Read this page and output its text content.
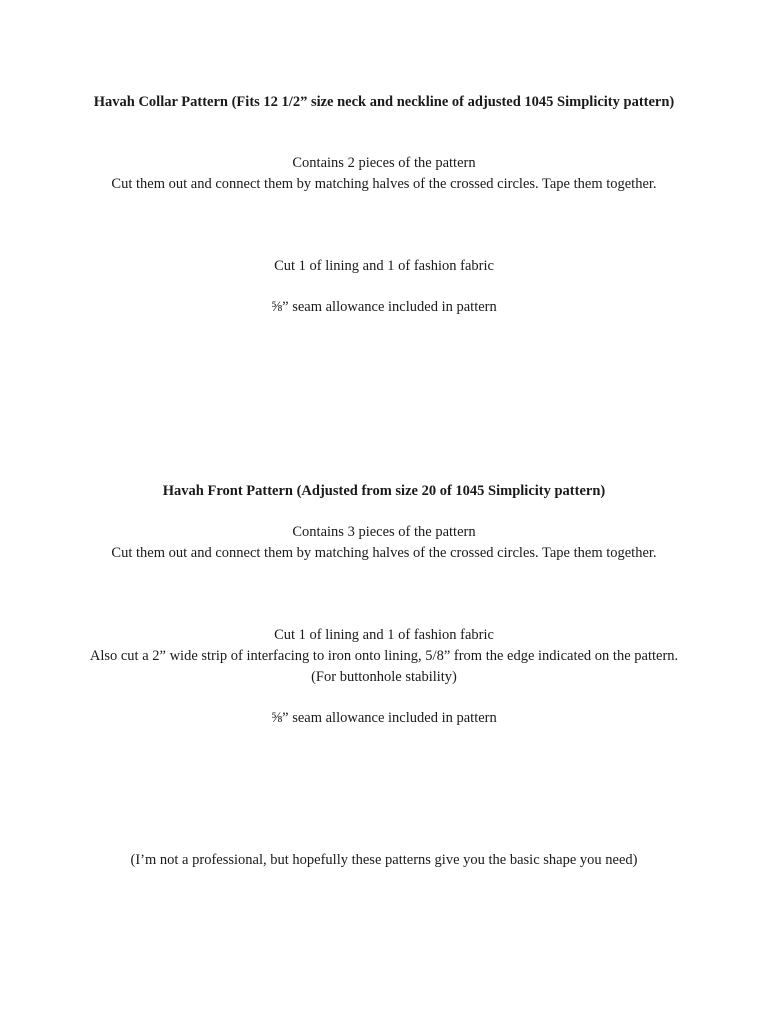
Havah Collar Pattern (Fits 12 1/2” size neck and neckline of adjusted 1045 Simplicity pattern)

Contains 2 pieces of the pattern

Cut them out and connect them by matching halves of the crossed circles. Tape them together.

Cut 1 of lining and 1 of fashion fabric

⅝” seam allowance included in pattern

Havah Front Pattern (Adjusted from size 20 of 1045 Simplicity pattern)

Contains 3 pieces of the pattern

Cut them out and connect them by matching halves of the crossed circles. Tape them together.

Cut 1 of lining and 1 of fashion fabric

Also cut a 2” wide strip of interfacing to iron onto lining, 5/8” from the edge indicated on the pattern. (For buttonhole stability)

⅝” seam allowance included in pattern

(I’m not a professional, but hopefully these patterns give you the basic shape you need)
